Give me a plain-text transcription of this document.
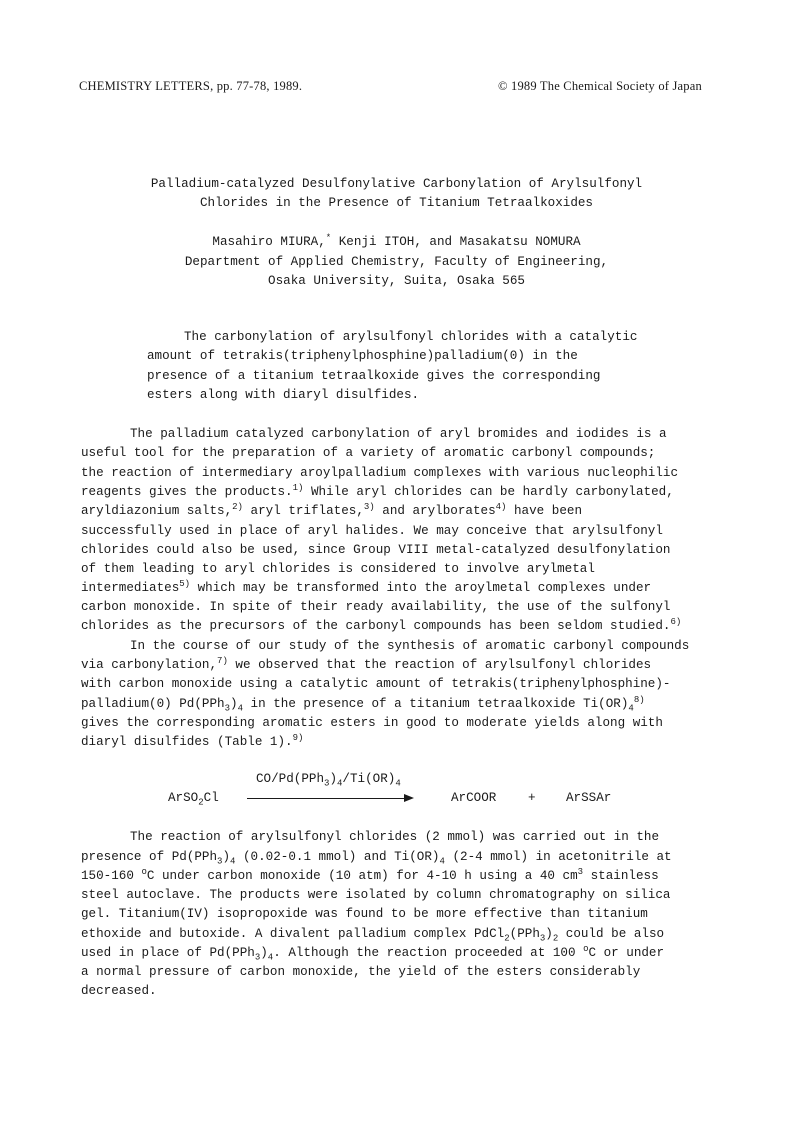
CHEMISTRY LETTERS, pp. 77-78, 1989.	© 1989 The Chemical Society of Japan
Palladium-catalyzed Desulfonylative Carbonylation of Arylsulfonyl
Chlorides in the Presence of Titanium Tetraalkoxides
Masahiro MIURA,* Kenji ITOH, and Masakatsu NOMURA
Department of Applied Chemistry, Faculty of Engineering,
Osaka University, Suita, Osaka 565
The carbonylation of arylsulfonyl chlorides with a catalytic
amount of tetrakis(triphenylphosphine)palladium(0) in the
presence of a titanium tetraalkoxide gives the corresponding
esters along with diaryl disulfides.
The palladium catalyzed carbonylation of aryl bromides and iodides is a
useful tool for the preparation of a variety of aromatic carbonyl compounds;
the reaction of intermediary aroylpalladium complexes with various nucleophilic
reagents gives the products.$^{1)}$ While aryl chlorides can be hardly carbonylated,
aryldiazonium salts,$^{2)}$ aryl triflates,$^{3)}$ and arylborates$^{4)}$ have been
successfully used in place of aryl halides. We may conceive that arylsulfonyl
chlorides could also be used, since Group VIII metal-catalyzed desulfonylation
of them leading to aryl chlorides is considered to involve arylmetal
intermediates$^{5)}$ which may be transformed into the aroylmetal complexes under
carbon monoxide. In spite of their ready availability, the use of the sulfonyl
chlorides as the precursors of the carbonyl compounds has been seldom studied.$^{6)}$
In the course of our study of the synthesis of aromatic carbonyl compounds
via carbonylation,$^{7)}$ we observed that the reaction of arylsulfonyl chlorides
with carbon monoxide using a catalytic amount of tetrakis(triphenylphosphine)-
palladium(0) $Pd(PPh_3)_4$ in the presence of a titanium tetraalkoxide $Ti(OR)_4^{8)}$
gives the corresponding aromatic esters in good to moderate yields along with
diaryl disulfides (Table 1).$^{9)}$
$CO/Pd(PPh_3)_4/Ti(OR)_4$
ArSO$_2$Cl	ArCOOR	+ ArSSAr
The reaction of arylsulfonyl chlorides (2 mmol) was carried out in the
presence of $Pd(PPh_3)_4$ (0.02-0.1 mmol) and $Ti(OR)_4$ (2-4 mmol) in acetonitrile at
150-160 $^o$C under carbon monoxide (10 atm) for 4-10 h using a 40 $cm^3$ stainless
steel autoclave. The products were isolated by column chromatography on silica
gel. Titanium(IV) isopropoxide was found to be more effective than titanium
ethoxide and butoxide. A divalent palladium complex $PdCl_2(PPh_3)_2$ could be also
used in place of $Pd(PPh_3)_4$. Although the reaction proceeded at 100 $^o$C or under
a normal pressure of carbon monoxide, the yield of the esters considerably
decreased.
